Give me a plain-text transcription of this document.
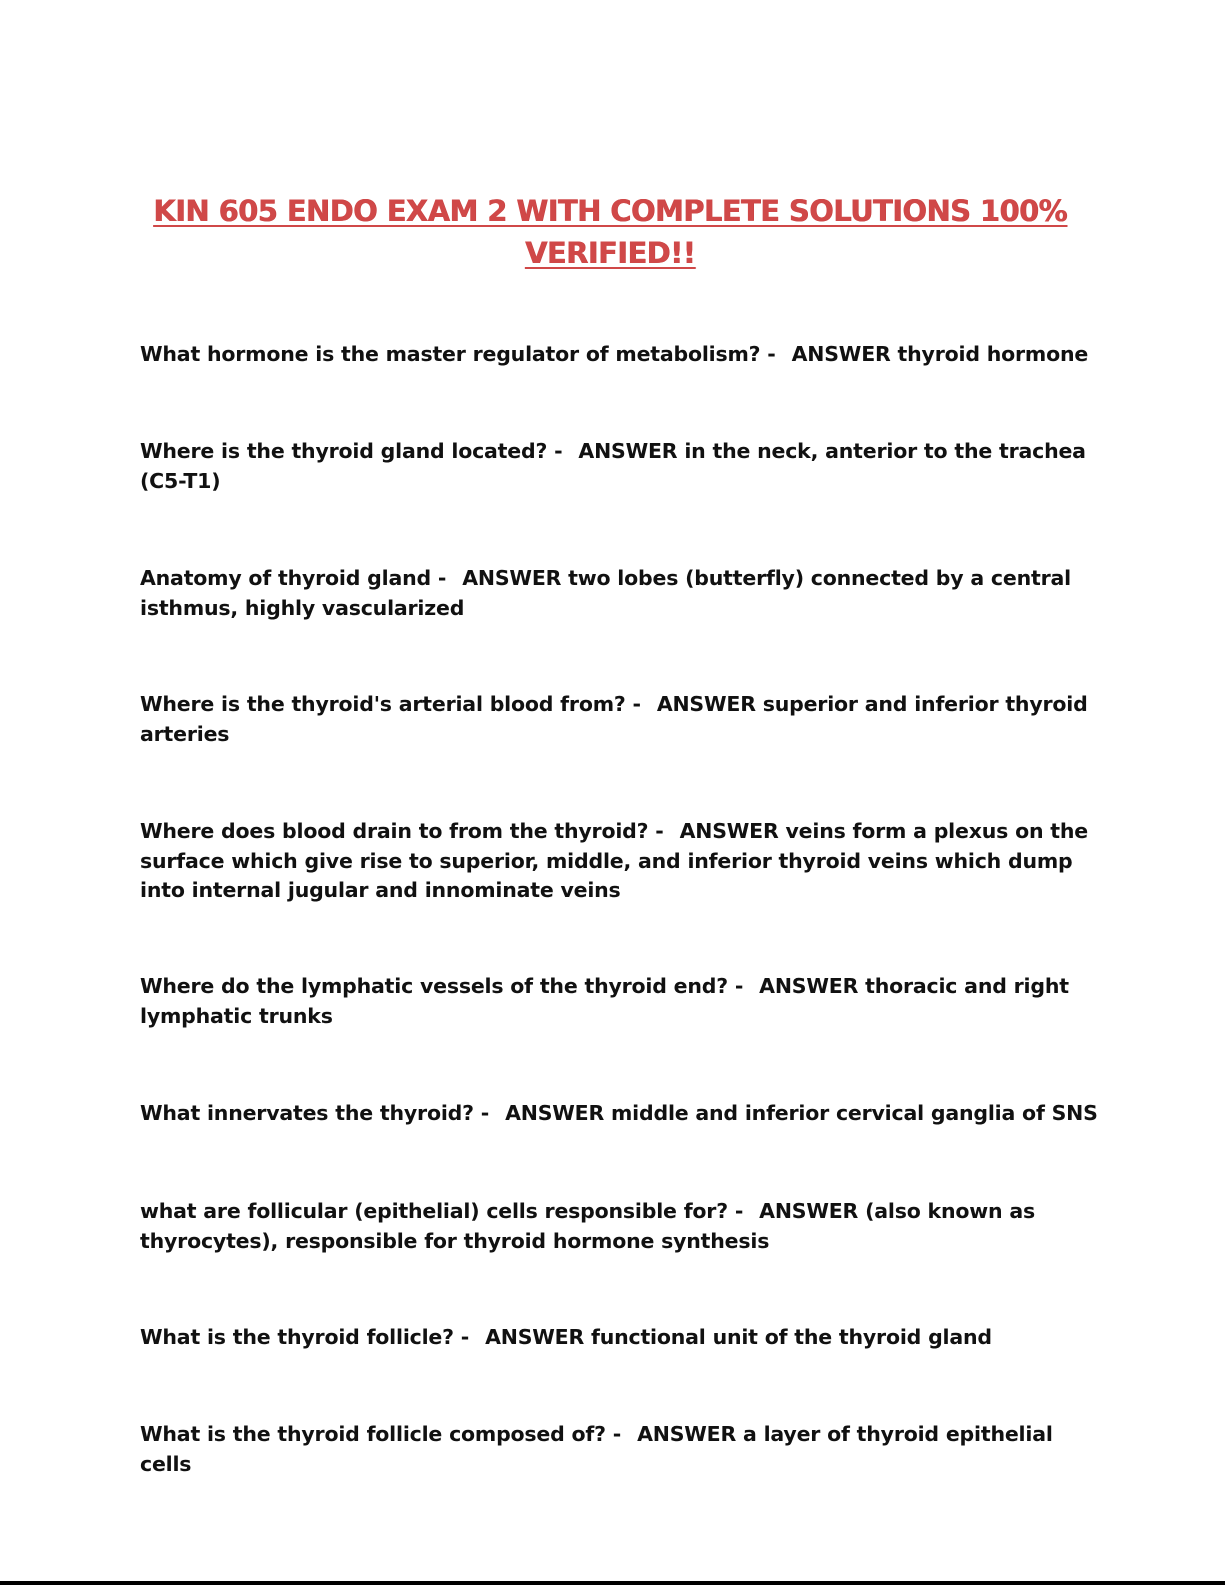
KIN 605 ENDO EXAM 2 WITH COMPLETE SOLUTIONS 100% VERIFIED!!
What hormone is the master regulator of metabolism? - ANSWER thyroid hormone
Where is the thyroid gland located? - ANSWER in the neck, anterior to the trachea (C5-T1)
Anatomy of thyroid gland - ANSWER two lobes (butterfly) connected by a central isthmus, highly vascularized
Where is the thyroid's arterial blood from? - ANSWER superior and inferior thyroid arteries
Where does blood drain to from the thyroid? - ANSWER veins form a plexus on the surface which give rise to superior, middle, and inferior thyroid veins which dump into internal jugular and innominate veins
Where do the lymphatic vessels of the thyroid end? - ANSWER thoracic and right lymphatic trunks
What innervates the thyroid? - ANSWER middle and inferior cervical ganglia of SNS
what are follicular (epithelial) cells responsible for? - ANSWER (also known as thyrocytes), responsible for thyroid hormone synthesis
What is the thyroid follicle? - ANSWER functional unit of the thyroid gland
What is the thyroid follicle composed of? - ANSWER a layer of thyroid epithelial cells
